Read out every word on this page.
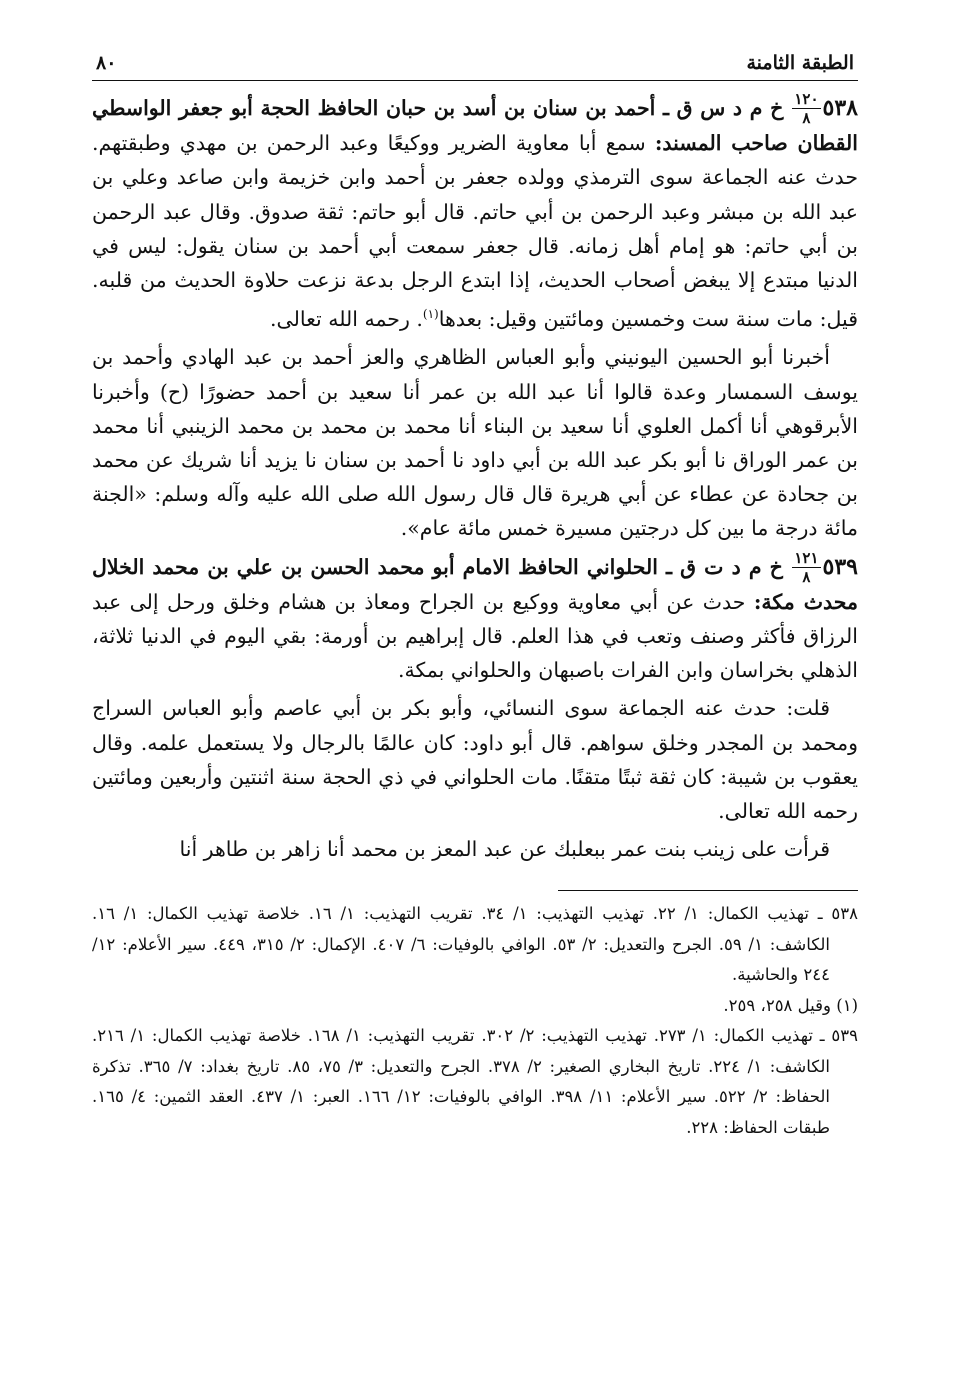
الطبقة الثامنة
٨٠

٥٣٨
$\frac{١٢٠}{٨}$
خ م د س ق ـ أحمد بن سنان بن أسد بن حبان الحافظ الحجة أبو جعفر الواسطي القطان صاحب المسند: سمع أبا معاوية الضرير ووكيعًا وعبد الرحمن بن مهدي وطبقتهم. حدث عنه الجماعة سوى الترمذي وولده جعفر بن أحمد وابن خزيمة وابن صاعد وعلي بن عبد الله بن مبشر وعبد الرحمن بن أبي حاتم. قال أبو حاتم: ثقة صدوق. وقال عبد الرحمن بن أبي حاتم: هو إمام أهل زمانه. قال جعفر سمعت أبي أحمد بن سنان يقول: ليس في الدنيا مبتدع إلا يبغض أصحاب الحديث، إذا ابتدع الرجل بدعة نزعت حلاوة الحديث من قلبه. قيل: مات سنة ست وخمسين ومائتين وقيل: بعدها$^{(١)}$. رحمه الله تعالى.

أخبرنا أبو الحسين اليونيني وأبو العباس الظاهري والعز أحمد بن عبد الهادي وأحمد بن يوسف السمسار وعدة قالوا أنا عبد الله بن عمر أنا سعيد بن أحمد حضورًا (ح) وأخبرنا الأبرقوهي أنا أكمل العلوي أنا سعيد بن البناء أنا محمد بن محمد بن محمد الزينبي أنا محمد بن عمر الوراق نا أبو بكر عبد الله بن أبي داود نا أحمد بن سنان نا يزيد أنا شريك عن محمد بن جحادة عن عطاء عن أبي هريرة قال قال رسول الله صلى الله عليه وآله وسلم: «الجنة مائة درجة ما بين كل درجتين مسيرة خمس مائة عام».

٥٣٩
$\frac{١٢١}{٨}$
خ م د ت ق ـ الحلواني الحافظ الامام أبو محمد الحسن بن علي بن محمد الخلال محدث مكة: حدث عن أبي معاوية ووكيع بن الجراح ومعاذ بن هشام وخلق ورحل إلى عبد الرزاق فأكثر وصنف وتعب في هذا العلم. قال إبراهيم بن أورمة: بقي اليوم في الدنيا ثلاثة، الذهلي بخراسان وابن الفرات باصبهان والحلواني بمكة.

قلت: حدث عنه الجماعة سوى النسائي، وأبو بكر بن أبي عاصم وأبو العباس السراج ومحمد بن المجدر وخلق سواهم. قال أبو داود: كان عالمًا بالرجال ولا يستعمل علمه. وقال يعقوب بن شيبة: كان ثقة ثبتًا متقنًا. مات الحلواني في ذي الحجة سنة اثنتين وأربعين ومائتين رحمه الله تعالى.

قرأت على زينب بنت عمر ببعلبك عن عبد المعز بن محمد أنا زاهر بن طاهر أنا

٥٣٨ ـ تهذيب الكمال: ١/ ٢٢. تهذيب التهذيب: ١/ ٣٤. تقريب التهذيب: ١/ ١٦. خلاصة تهذيب الكمال: ١/ ١٦. الكاشف: ١/ ٥٩. الجرح والتعديل: ٢/ ٥٣. الوافي بالوفيات: ٦/ ٤٠٧. الإكمال: ٢/ ٣١٥، ٤٤٩. سير الأعلام: ١٢/ ٢٤٤ والحاشية.

(١) وقيل ٢٥٨، ٢٥٩.

٥٣٩ ـ تهذيب الكمال: ١/ ٢٧٣. تهذيب التهذيب: ٢/ ٣٠٢. تقريب التهذيب: ١/ ١٦٨. خلاصة تهذيب الكمال: ١/ ٢١٦. الكاشف: ١/ ٢٢٤. تاريخ البخاري الصغير: ٢/ ٣٧٨. الجرح والتعديل: ٣/ ٧٥، ٨٥. تاريخ بغداد: ٧/ ٣٦٥. تذكرة الحفاظ: ٢/ ٥٢٢. سير الأعلام: ١١/ ٣٩٨. الوافي بالوفيات: ١٢/ ١٦٦. العبر: ١/ ٤٣٧. العقد الثمين: ٤/ ١٦٥. طبقات الحفاظ: ٢٢٨.
